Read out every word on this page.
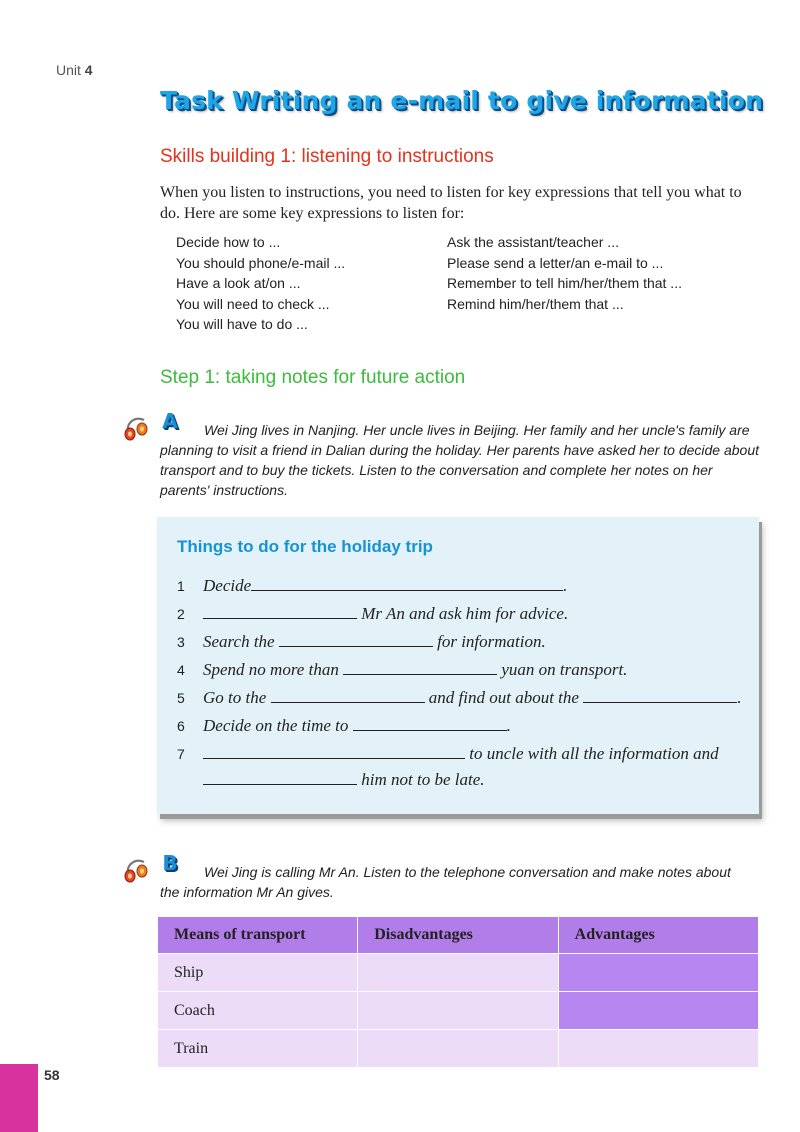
Unit 4
Task Writing an e-mail to give information
Skills building 1: listening to instructions
When you listen to instructions, you need to listen for key expressions that tell you what to do. Here are some key expressions to listen for:
Decide how to ...
You should phone/e-mail ...
Have a look at/on ...
You will need to check ...
You will have to do ...
Ask the assistant/teacher ...
Please send a letter/an e-mail to ...
Remember to tell him/her/them that ...
Remind him/her/them that ...
Step 1: taking notes for future action
A	Wei Jing lives in Nanjing. Her uncle lives in Beijing. Her family and her uncle's family are planning to visit a friend in Dalian during the holiday. Her parents have asked her to decide about transport and to buy the tickets. Listen to the conversation and complete her notes on her parents' instructions.
Things to do for the holiday trip
1 Decide	.
2	Mr An and ask him for advice.
3 Search the	for information.
4 Spend no more than	yuan on transport.
5 Go to the	and find out about the	.
6 Decide on the time to	.
7	to uncle with all the information and
him not to be late.
B	Wei Jing is calling Mr An. Listen to the telephone conversation and make notes about
the information Mr An gives.
Means of transport	Disadvantages	Advantages
Ship		
Coach		
Train		
58
